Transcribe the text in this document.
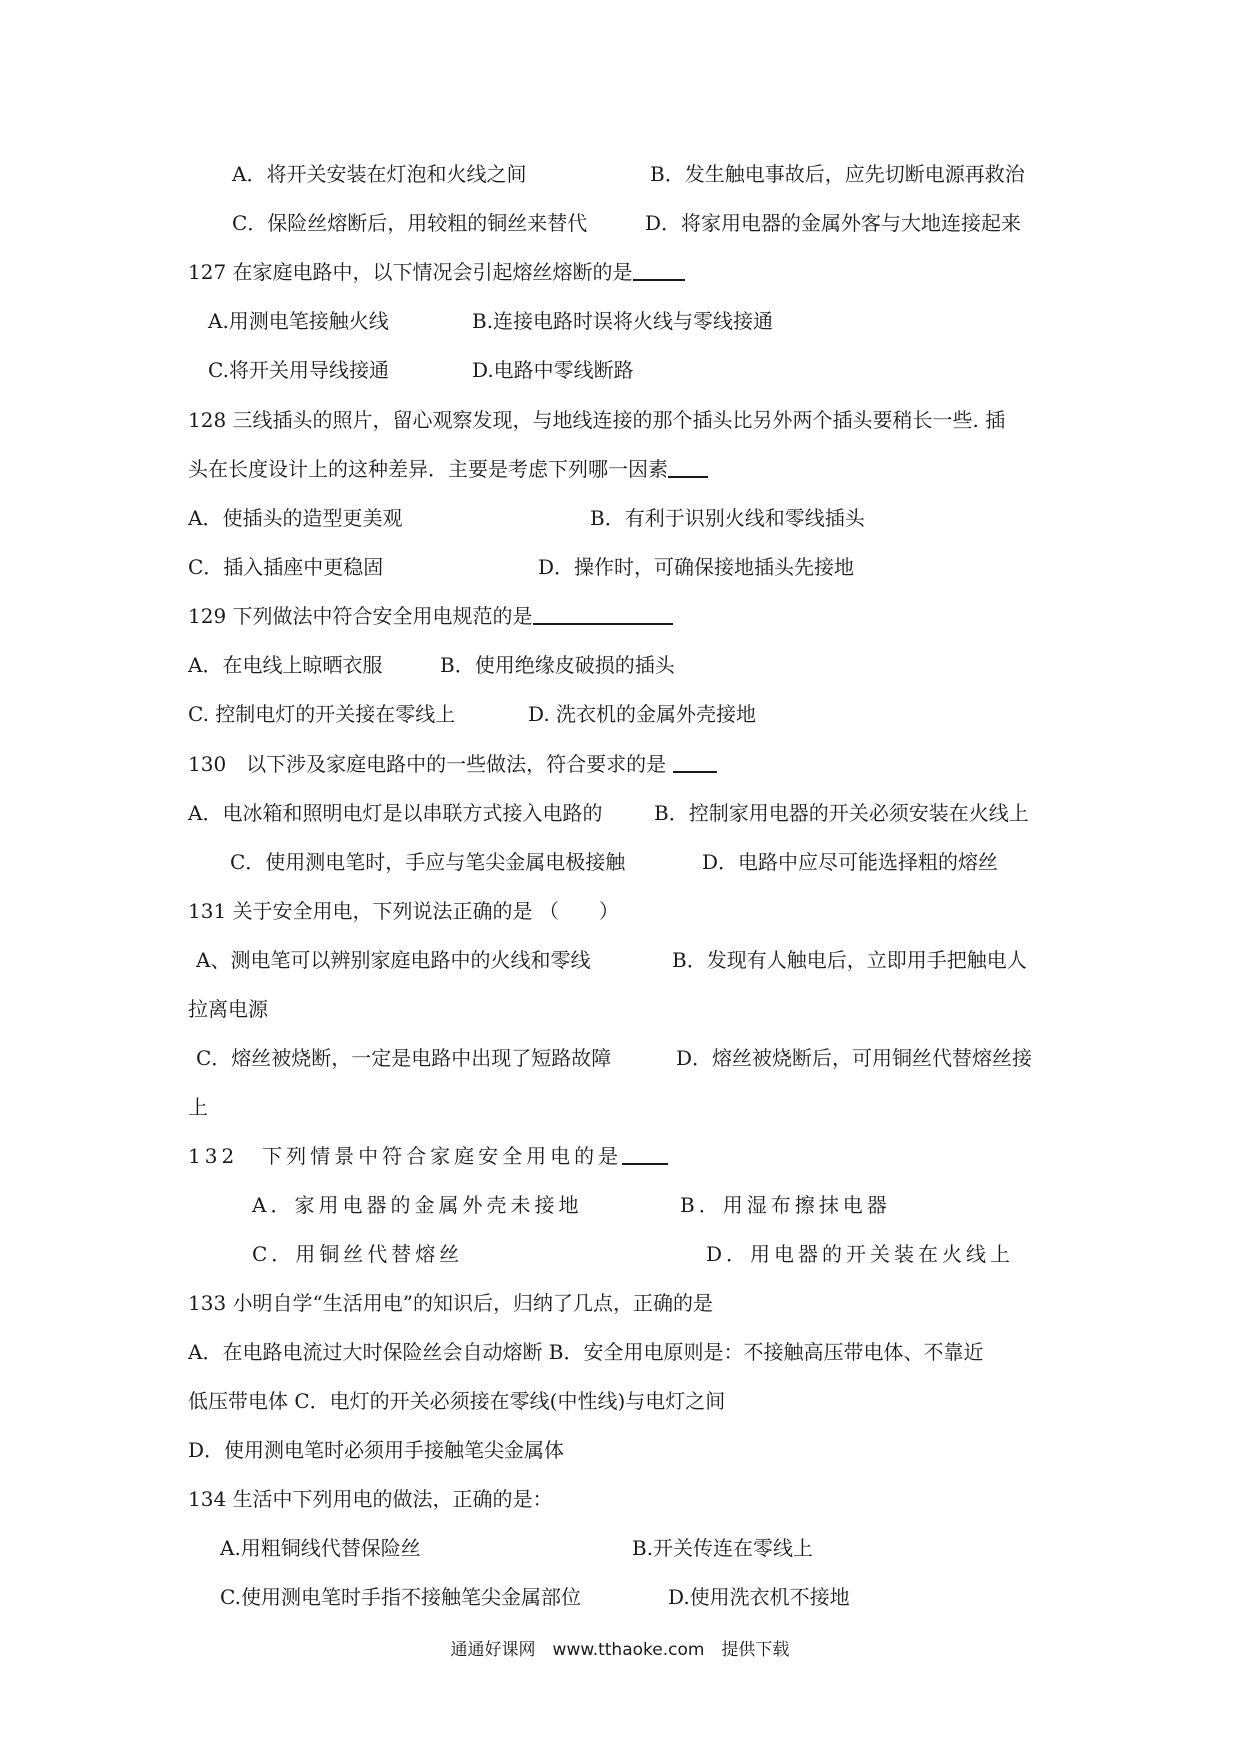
A．将开关安装在灯泡和火线之间	B．发生触电事故后，应先切断电源再救治
C．保险丝熔断后，用较粗的铜丝来替代	D．将家用电器的金属外客与大地连接起来
127 在家庭电路中，以下情况会引起熔丝熔断的是
A.用测电笔接触火线	B.连接电路时误将火线与零线接通
C.将开关用导线接通	D.电路中零线断路
128 三线插头的照片，留心观察发现，与地线连接的那个插头比另外两个插头要稍长一些. 插
头在长度设计上的这种差异．主要是考虑下列哪一因素
A．使插头的造型更美观	B．有利于识别火线和零线插头
C．插入插座中更稳固	D．操作时，可确保接地插头先接地
129 下列做法中符合安全用电规范的是
A．在电线上晾晒衣服	B．使用绝缘皮破损的插头
C. 控制电灯的开关接在零线上	D. 洗衣机的金属外壳接地
130　以下涉及家庭电路中的一些做法，符合要求的是
A．电冰箱和照明电灯是以串联方式接入电路的	B．控制家用电器的开关必须安装在火线上
C．使用测电笔时，手应与笔尖金属电极接触	D．电路中应尽可能选择粗的熔丝
131 关于安全用电，下列说法正确的是 （　　）
A、测电笔可以辨别家庭电路中的火线和零线	B．发现有人触电后，立即用手把触电人
拉离电源
C．熔丝被烧断，一定是电路中出现了短路故障	D．熔丝被烧断后，可用铜丝代替熔丝接
上
132　下列情景中符合家庭安全用电的是
A．家用电器的金属外壳未接地	B．用湿布擦抹电器
C．用铜丝代替熔丝	D．用电器的开关装在火线上
133 小明自学“生活用电”的知识后，归纳了几点，正确的是
A．在电路电流过大时保险丝会自动熔断 B．安全用电原则是：不接触高压带电体、不靠近
低压带电体 C．电灯的开关必须接在零线(中性线)与电灯之间
D．使用测电笔时必须用手接触笔尖金属体
134 生活中下列用电的做法，正确的是：
A.用粗铜线代替保险丝	B.开关传连在零线上
C.使用测电笔时手指不接触笔尖金属部位	D.使用洗衣机不接地
通通好课网　www.tthaoke.com　提供下载
